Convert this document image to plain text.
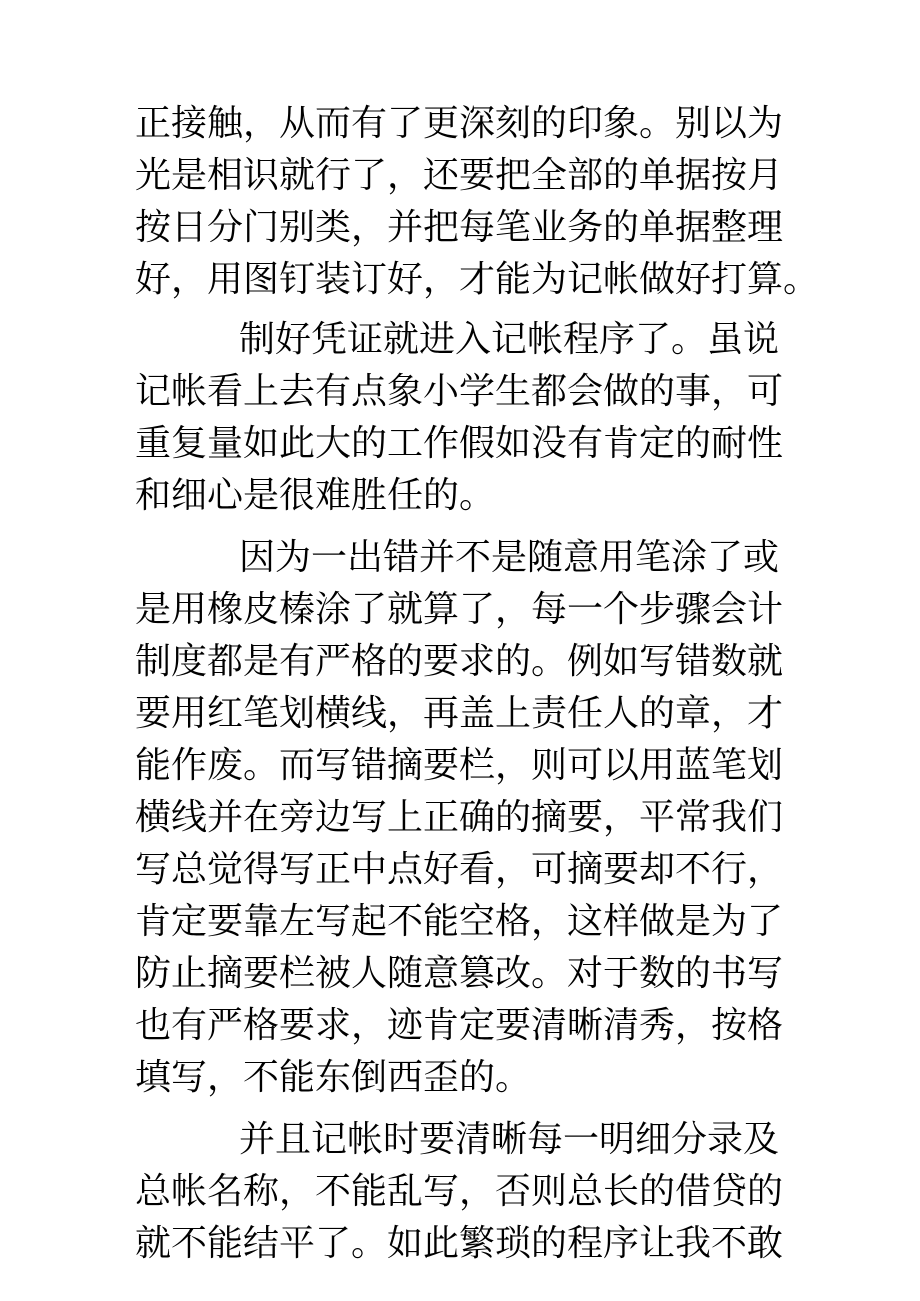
正接触，从而有了更深刻的印象。别以为
光是相识就行了，还要把全部的单据按月
按日分门别类，并把每笔业务的单据整理
好，用图钉装订好，才能为记帐做好打算。
制好凭证就进入记帐程序了。虽说
记帐看上去有点象小学生都会做的事，可
重复量如此大的工作假如没有肯定的耐性
和细心是很难胜任的。
因为一出错并不是随意用笔涂了或
是用橡皮榛涂了就算了，每一个步骤会计
制度都是有严格的要求的。例如写错数就
要用红笔划横线，再盖上责任人的章，才
能作废。而写错摘要栏，则可以用蓝笔划
横线并在旁边写上正确的摘要，平常我们
写总觉得写正中点好看，可摘要却不行，
肯定要靠左写起不能空格，这样做是为了
防止摘要栏被人随意篡改。对于数的书写
也有严格要求，迹肯定要清晰清秀，按格
填写，不能东倒西歪的。
并且记帐时要清晰每一明细分录及
总帐名称，不能乱写，否则总长的借贷的
就不能结平了。如此繁琐的程序让我不敢
